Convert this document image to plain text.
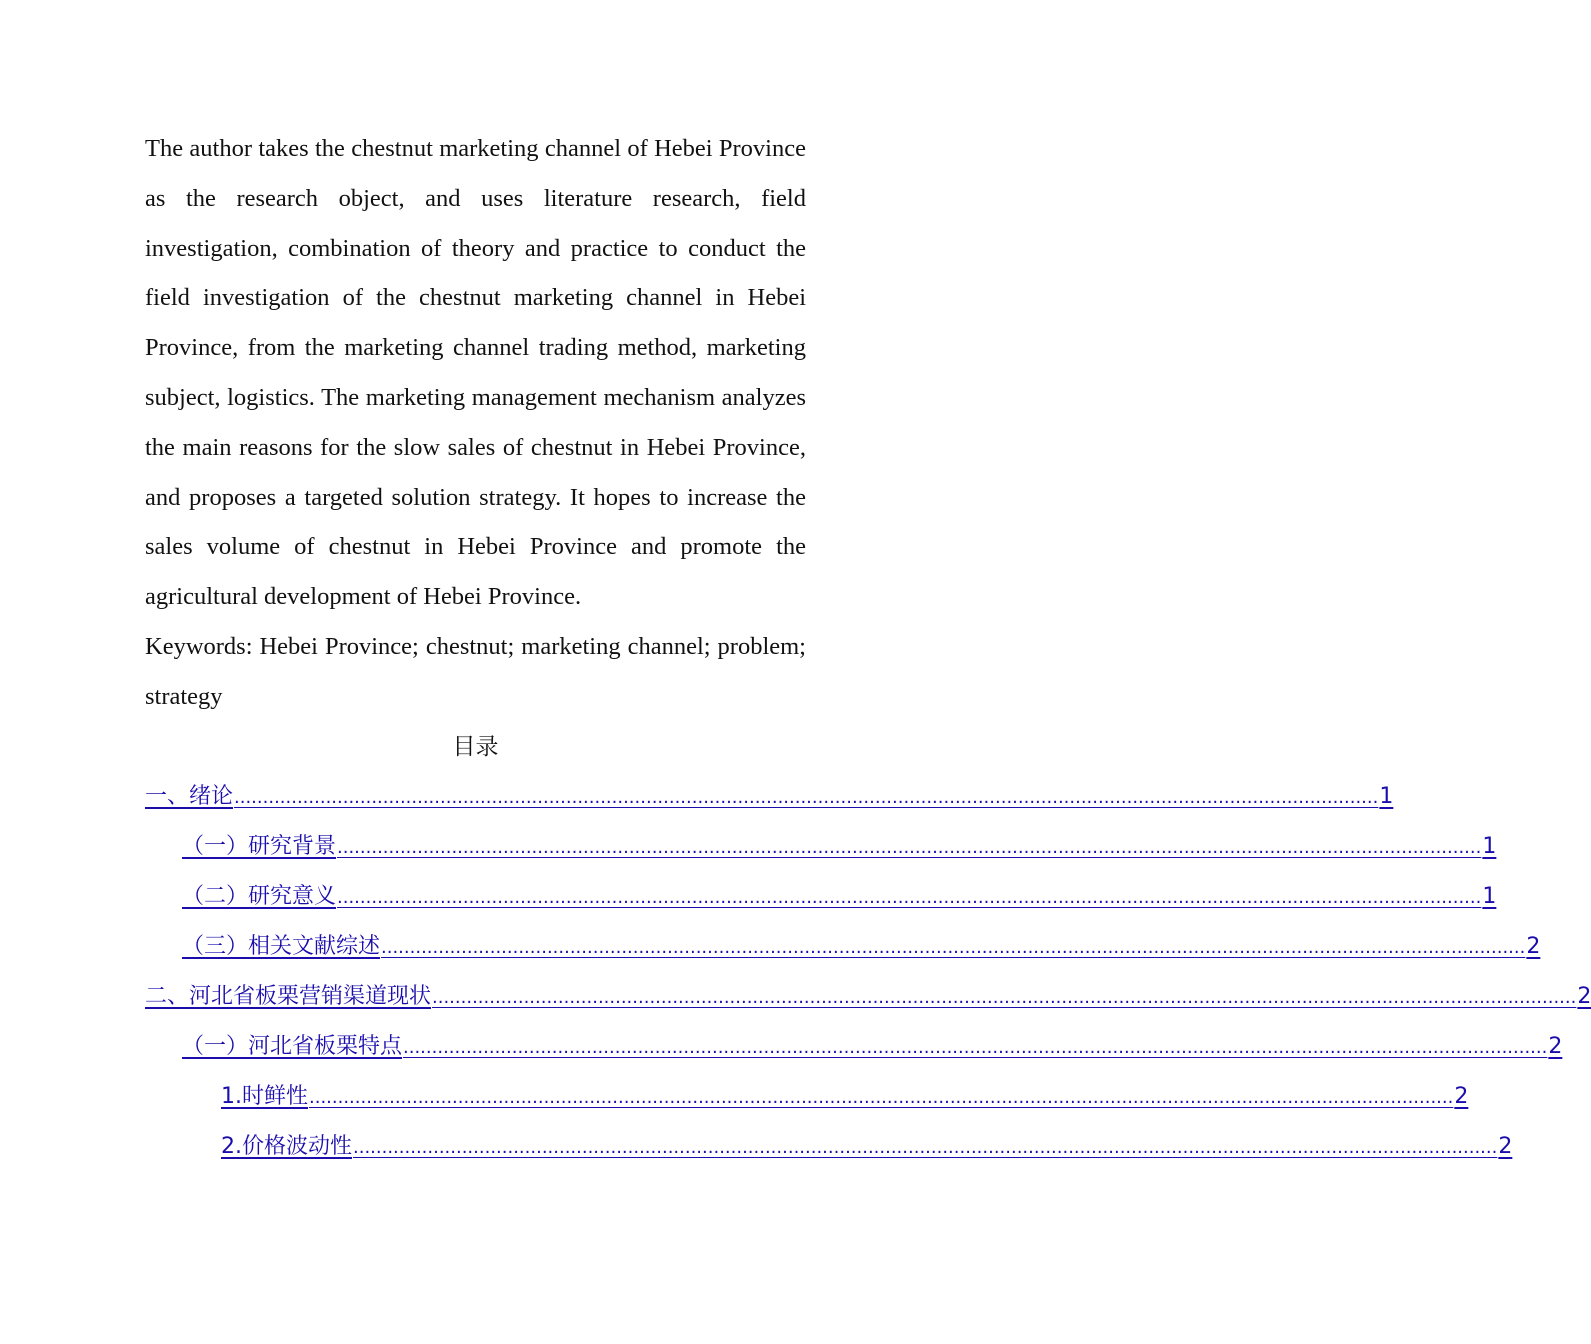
The author takes the chestnut marketing channel of Hebei Province as the research object, and uses literature research, field investigation, combination of theory and practice to conduct the field investigation of the chestnut marketing channel in Hebei Province, from the marketing channel trading method, marketing subject, logistics. The marketing management mechanism analyzes the main reasons for the slow sales of chestnut in Hebei Province, and proposes a targeted solution strategy. It hopes to increase the sales volume of chestnut in Hebei Province and promote the agricultural development of Hebei Province.

Keywords: Hebei Province; chestnut; marketing channel; problem; strategy

目录
一、绪论 ........................................................................................................................................................................................................ 1
（一）研究背景 ........................................................................................................................................................................................................ 1
（二）研究意义 ........................................................................................................................................................................................................ 1
（三）相关文献综述 ........................................................................................................................................................................................................ 2
二、河北省板栗营销渠道现状 ........................................................................................................................................................................................................ 2
（一）河北省板栗特点 ........................................................................................................................................................................................................ 2
1.时鲜性 ........................................................................................................................................................................................................ 2
2.价格波动性 ........................................................................................................................................................................................................ 2
